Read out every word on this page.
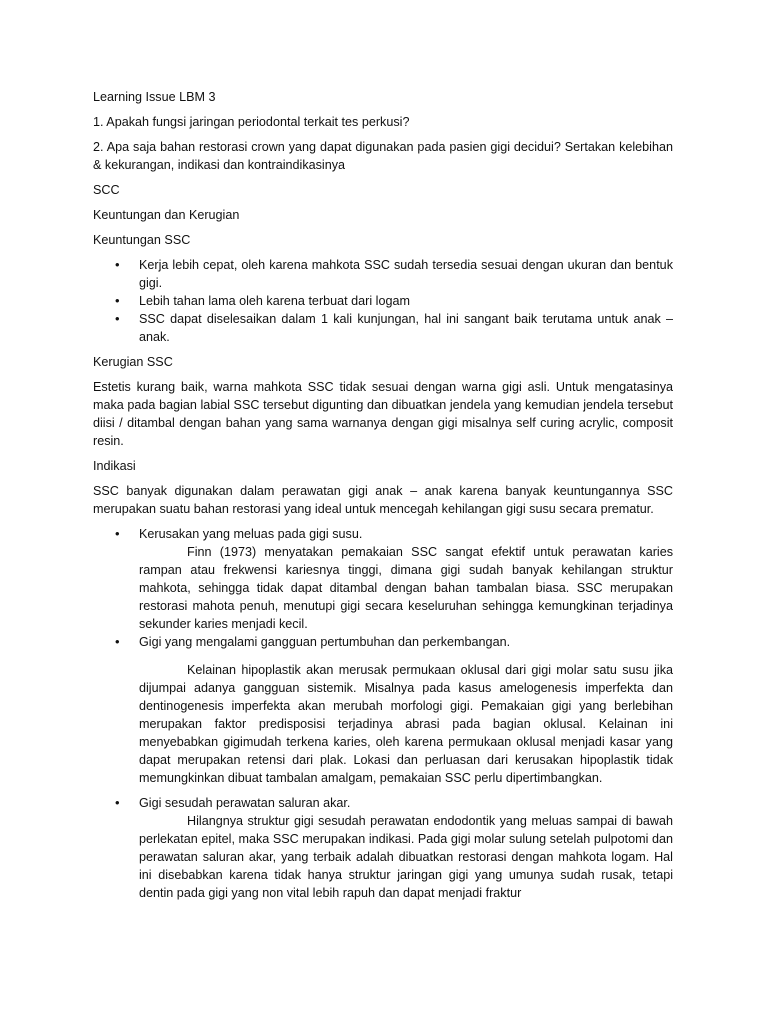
Learning Issue LBM 3

1. Apakah fungsi jaringan periodontal terkait tes perkusi?

2. Apa saja bahan restorasi crown yang dapat digunakan pada pasien gigi decidui? Sertakan kelebihan & kekurangan, indikasi dan kontraindikasinya

SCC

Keuntungan dan Kerugian

Keuntungan SSC

• Kerja lebih cepat, oleh karena mahkota SSC sudah tersedia sesuai dengan ukuran dan bentuk gigi.
• Lebih tahan lama oleh karena terbuat dari logam
• SSC dapat diselesaikan dalam 1 kali kunjungan, hal ini sangant baik terutama untuk anak – anak.

Kerugian SSC

Estetis kurang baik, warna mahkota SSC tidak sesuai dengan warna gigi asli. Untuk mengatasinya maka pada bagian labial SSC tersebut digunting dan dibuatkan jendela yang kemudian jendela tersebut diisi / ditambal dengan bahan yang sama warnanya dengan gigi misalnya self curing acrylic, composit resin.

Indikasi

SSC banyak digunakan dalam perawatan gigi anak – anak karena banyak keuntungannya SSC merupakan suatu bahan restorasi yang ideal untuk mencegah kehilangan gigi susu secara prematur.

• Kerusakan yang meluas pada gigi susu.

Finn (1973) menyatakan pemakaian SSC sangat efektif untuk perawatan karies rampan atau frekwensi kariesnya tinggi, dimana gigi sudah banyak kehilangan struktur mahkota, sehingga tidak dapat ditambal dengan bahan tambalan biasa. SSC merupakan restorasi mahota penuh, menutupi gigi secara keseluruhan sehingga kemungkinan terjadinya sekunder karies menjadi kecil.

• Gigi yang mengalami gangguan pertumbuhan dan perkembangan.

Kelainan hipoplastik akan merusak permukaan oklusal dari gigi molar satu susu jika dijumpai adanya gangguan sistemik. Misalnya pada kasus amelogenesis imperfekta dan dentinogenesis imperfekta akan merubah morfologi gigi. Pemakaian gigi yang berlebihan merupakan faktor predisposisi terjadinya abrasi pada bagian oklusal. Kelainan ini menyebabkan gigimudah terkena karies, oleh karena permukaan oklusal menjadi kasar yang dapat merupakan retensi dari plak. Lokasi dan perluasan dari kerusakan hipoplastik tidak memungkinkan dibuat tambalan amalgam, pemakaian SSC perlu dipertimbangkan.

• Gigi sesudah perawatan saluran akar.

Hilangnya struktur gigi sesudah perawatan endodontik yang meluas sampai di bawah perlekatan epitel, maka SSC merupakan indikasi. Pada gigi molar sulung setelah pulpotomi dan perawatan saluran akar, yang terbaik adalah dibuatkan restorasi dengan mahkota logam. Hal ini disebabkan karena tidak hanya struktur jaringan gigi yang umunya sudah rusak, tetapi dentin pada gigi yang non vital lebih rapuh dan dapat menjadi fraktur
